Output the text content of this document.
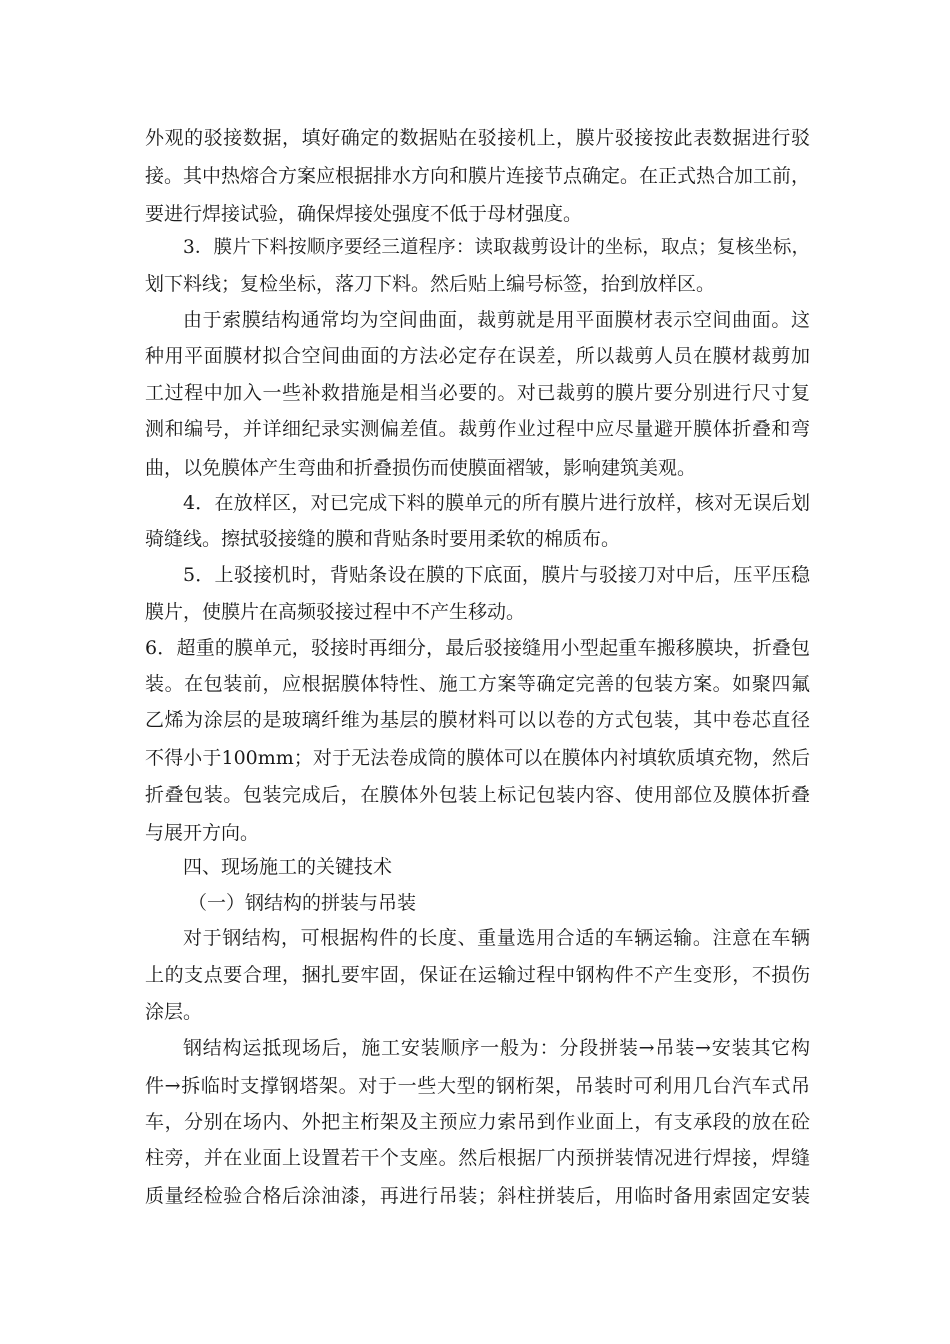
外观的驳接数据，填好确定的数据贴在驳接机上，膜片驳接按此表数据进行驳

接。其中热熔合方案应根据排水方向和膜片连接节点确定。在正式热合加工前，

要进行焊接试验，确保焊接处强度不低于母材强度。

3．膜片下料按顺序要经三道程序：读取裁剪设计的坐标，取点；复核坐标，

划下料线；复检坐标，落刀下料。然后贴上编号标签，抬到放样区。

由于索膜结构通常均为空间曲面，裁剪就是用平面膜材表示空间曲面。这

种用平面膜材拟合空间曲面的方法必定存在误差，所以裁剪人员在膜材裁剪加

工过程中加入一些补救措施是相当必要的。对已裁剪的膜片要分别进行尺寸复

测和编号，并详细纪录实测偏差值。裁剪作业过程中应尽量避开膜体折叠和弯

曲，以免膜体产生弯曲和折叠损伤而使膜面褶皱，影响建筑美观。

4．在放样区，对已完成下料的膜单元的所有膜片进行放样，核对无误后划

骑缝线。擦拭驳接缝的膜和背贴条时要用柔软的棉质布。

5．上驳接机时，背贴条设在膜的下底面，膜片与驳接刀对中后，压平压稳

膜片，使膜片在高频驳接过程中不产生移动。

6．超重的膜单元，驳接时再细分，最后驳接缝用小型起重车搬移膜块，折叠包

装。在包装前，应根据膜体特性、施工方案等确定完善的包装方案。如聚四氟

乙烯为涂层的是玻璃纤维为基层的膜材料可以以卷的方式包装，其中卷芯直径

不得小于100mm；对于无法卷成筒的膜体可以在膜体内衬填软质填充物，然后

折叠包装。包装完成后，在膜体外包装上标记包装内容、使用部位及膜体折叠

与展开方向。

四、现场施工的关键技术

（一）钢结构的拼装与吊装

对于钢结构，可根据构件的长度、重量选用合适的车辆运输。注意在车辆

上的支点要合理，捆扎要牢固，保证在运输过程中钢构件不产生变形，不损伤

涂层。

钢结构运抵现场后，施工安装顺序一般为：分段拼装→吊装→安装其它构

件→拆临时支撑钢塔架。对于一些大型的钢桁架，吊装时可利用几台汽车式吊

车，分别在场内、外把主桁架及主预应力索吊到作业面上，有支承段的放在砼

柱旁，并在业面上设置若干个支座。然后根据厂内预拼装情况进行焊接，焊缝

质量经检验合格后涂油漆，再进行吊装；斜柱拼装后，用临时备用索固定安装
